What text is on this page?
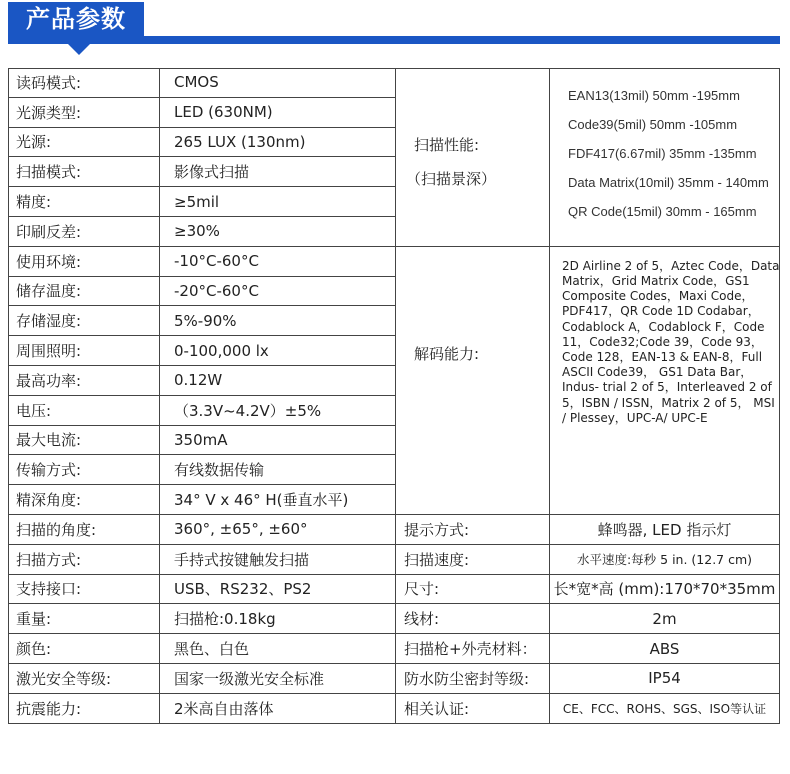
产品参数
读码模式:	CMOS
光源类型:	LED (630NM)
光源:	265 LUX (130nm)
扫描模式:	影像式扫描
精度:	≥5mil
印刷反差:	≥30%
使用环境:	-10°C-60°C
储存温度:	-20°C-60°C
存储湿度:	5%-90%
周围照明:	0-100,000 lx
最高功率:	0.12W
电压:	（3.3V~4.2V）±5%
最大电流:	350mA
传输方式:	有线数据传输
精深角度:	34° V x 46° H(垂直水平)
扫描性能:
（扫描景深）
EAN13(13mil) 50mm -195mm
Code39(5mil) 50mm -105mm
FDF417(6.67mil) 35mm -135mm
Data Matrix(10mil) 35mm - 140mm
QR Code(15mil) 30mm - 165mm
解码能力:
2D Airline 2 of 5，Aztec Code，Data Matrix，Grid Matrix Code，GS1 Composite Codes，Maxi Code，PDF417，QR Code 1D Codabar，Codablock A，Codablock F，Code 11，Code32;Code 39，Code 93，Code 128，EAN-13 & EAN-8，Full ASCII Code39， GS1 Data Bar，Indus- trial 2 of 5，Interleaved 2 of 5，ISBN / ISSN，Matrix 2 of 5， MSI / Plessey，UPC-A/ UPC-E
扫描的角度:	360°, ±65°, ±60°	提示方式:	蜂鸣器, LED 指示灯
扫描方式:	手持式按键触发扫描	扫描速度:	水平速度:每秒 5 in. (12.7 cm)
支持接口:	USB、RS232、PS2	尺寸:	长*宽*高 (mm):170*70*35mm
重量:	扫描枪:0.18kg	线材:	2m
颜色:	黑色、白色	扫描枪+外壳材料：	ABS
激光安全等级:	国家一级激光安全标准	防水防尘密封等级:	IP54
抗震能力:	2米高自由落体	相关认证:	CE、FCC、ROHS、SGS、ISO等认证
